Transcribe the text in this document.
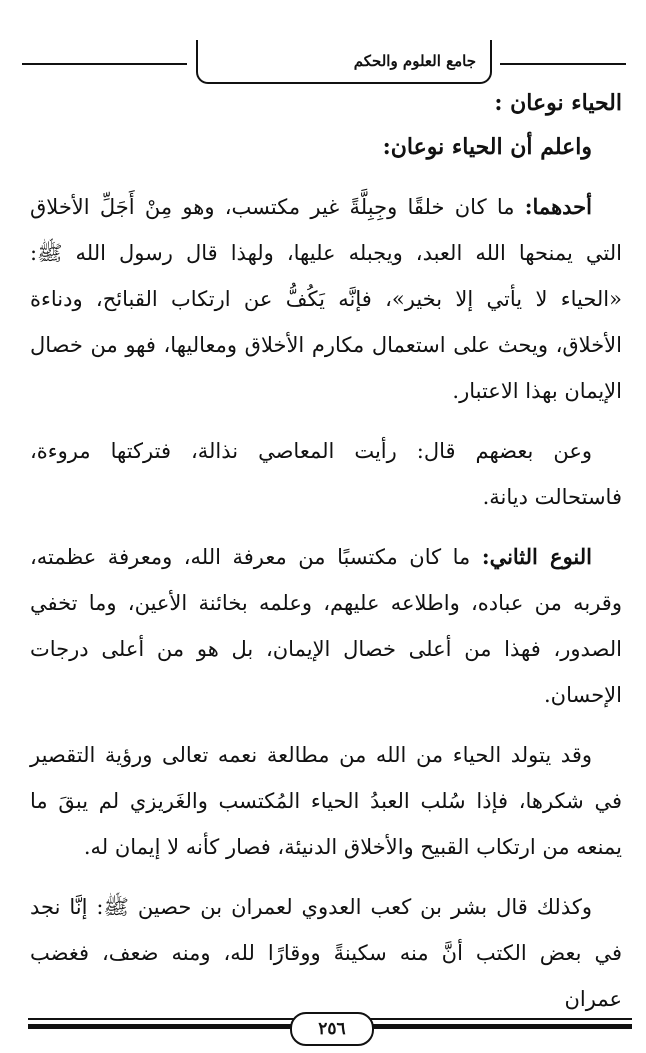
جامع العلوم والحكم

الحياء نوعان :

واعلم أن الحياء نوعان:

أحدهما: ما كان خلقًا وجِبِلَّةً غير مكتسب، وهو مِنْ أَجَلِّ الأخلاق التي يمنحها الله العبد، ويجبله عليها، ولهذا قال رسول الله ﷺ: «الحياء لا يأتي إلا بخير»، فإنَّه يَكُفُّ عن ارتكاب القبائح، ودناءة الأخلاق، ويحث على استعمال مكارم الأخلاق ومعاليها، فهو من خصال الإيمان بهذا الاعتبار.

وعن بعضهم قال: رأيت المعاصي نذالة، فتركتها مروءة، فاستحالت ديانة.

النوع الثاني: ما كان مكتسبًا من معرفة الله، ومعرفة عظمته، وقربه من عباده، واطلاعه عليهم، وعلمه بخائنة الأعين، وما تخفي الصدور، فهذا من أعلى خصال الإيمان، بل هو من أعلى درجات الإحسان.

وقد يتولد الحياء من الله من مطالعة نعمه تعالى ورؤية التقصير في شكرها، فإذا سُلب العبدُ الحياء المُكتسب والغَريزي لم يبقَ ما يمنعه من ارتكاب القبيح والأخلاق الدنيئة، فصار كأنه لا إيمان له.

وكذلك قال بشر بن كعب العدوي لعمران بن حصين ﷺ: إنَّا نجد في بعض الكتب أنَّ منه سكينةً ووقارًا لله، ومنه ضعف، فغضب عمران

٢٥٦
